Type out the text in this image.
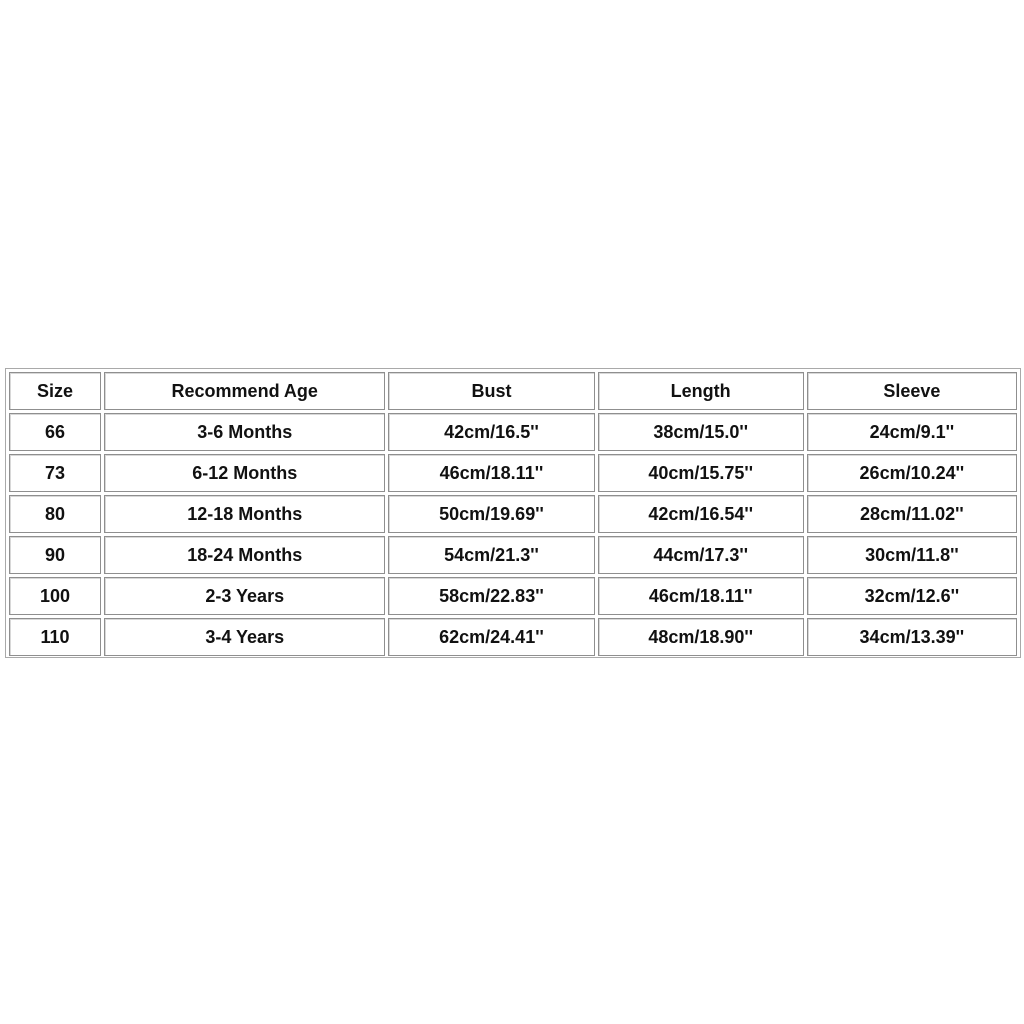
Size	Recommend Age	Bust	Length	Sleeve
66	3-6 Months	42cm/16.5''	38cm/15.0''	24cm/9.1''
73	6-12 Months	46cm/18.11''	40cm/15.75''	26cm/10.24''
80	12-18 Months	50cm/19.69''	42cm/16.54''	28cm/11.02''
90	18-24 Months	54cm/21.3''	44cm/17.3''	30cm/11.8''
100	2-3 Years	58cm/22.83''	46cm/18.11''	32cm/12.6''
110	3-4 Years	62cm/24.41''	48cm/18.90''	34cm/13.39''
